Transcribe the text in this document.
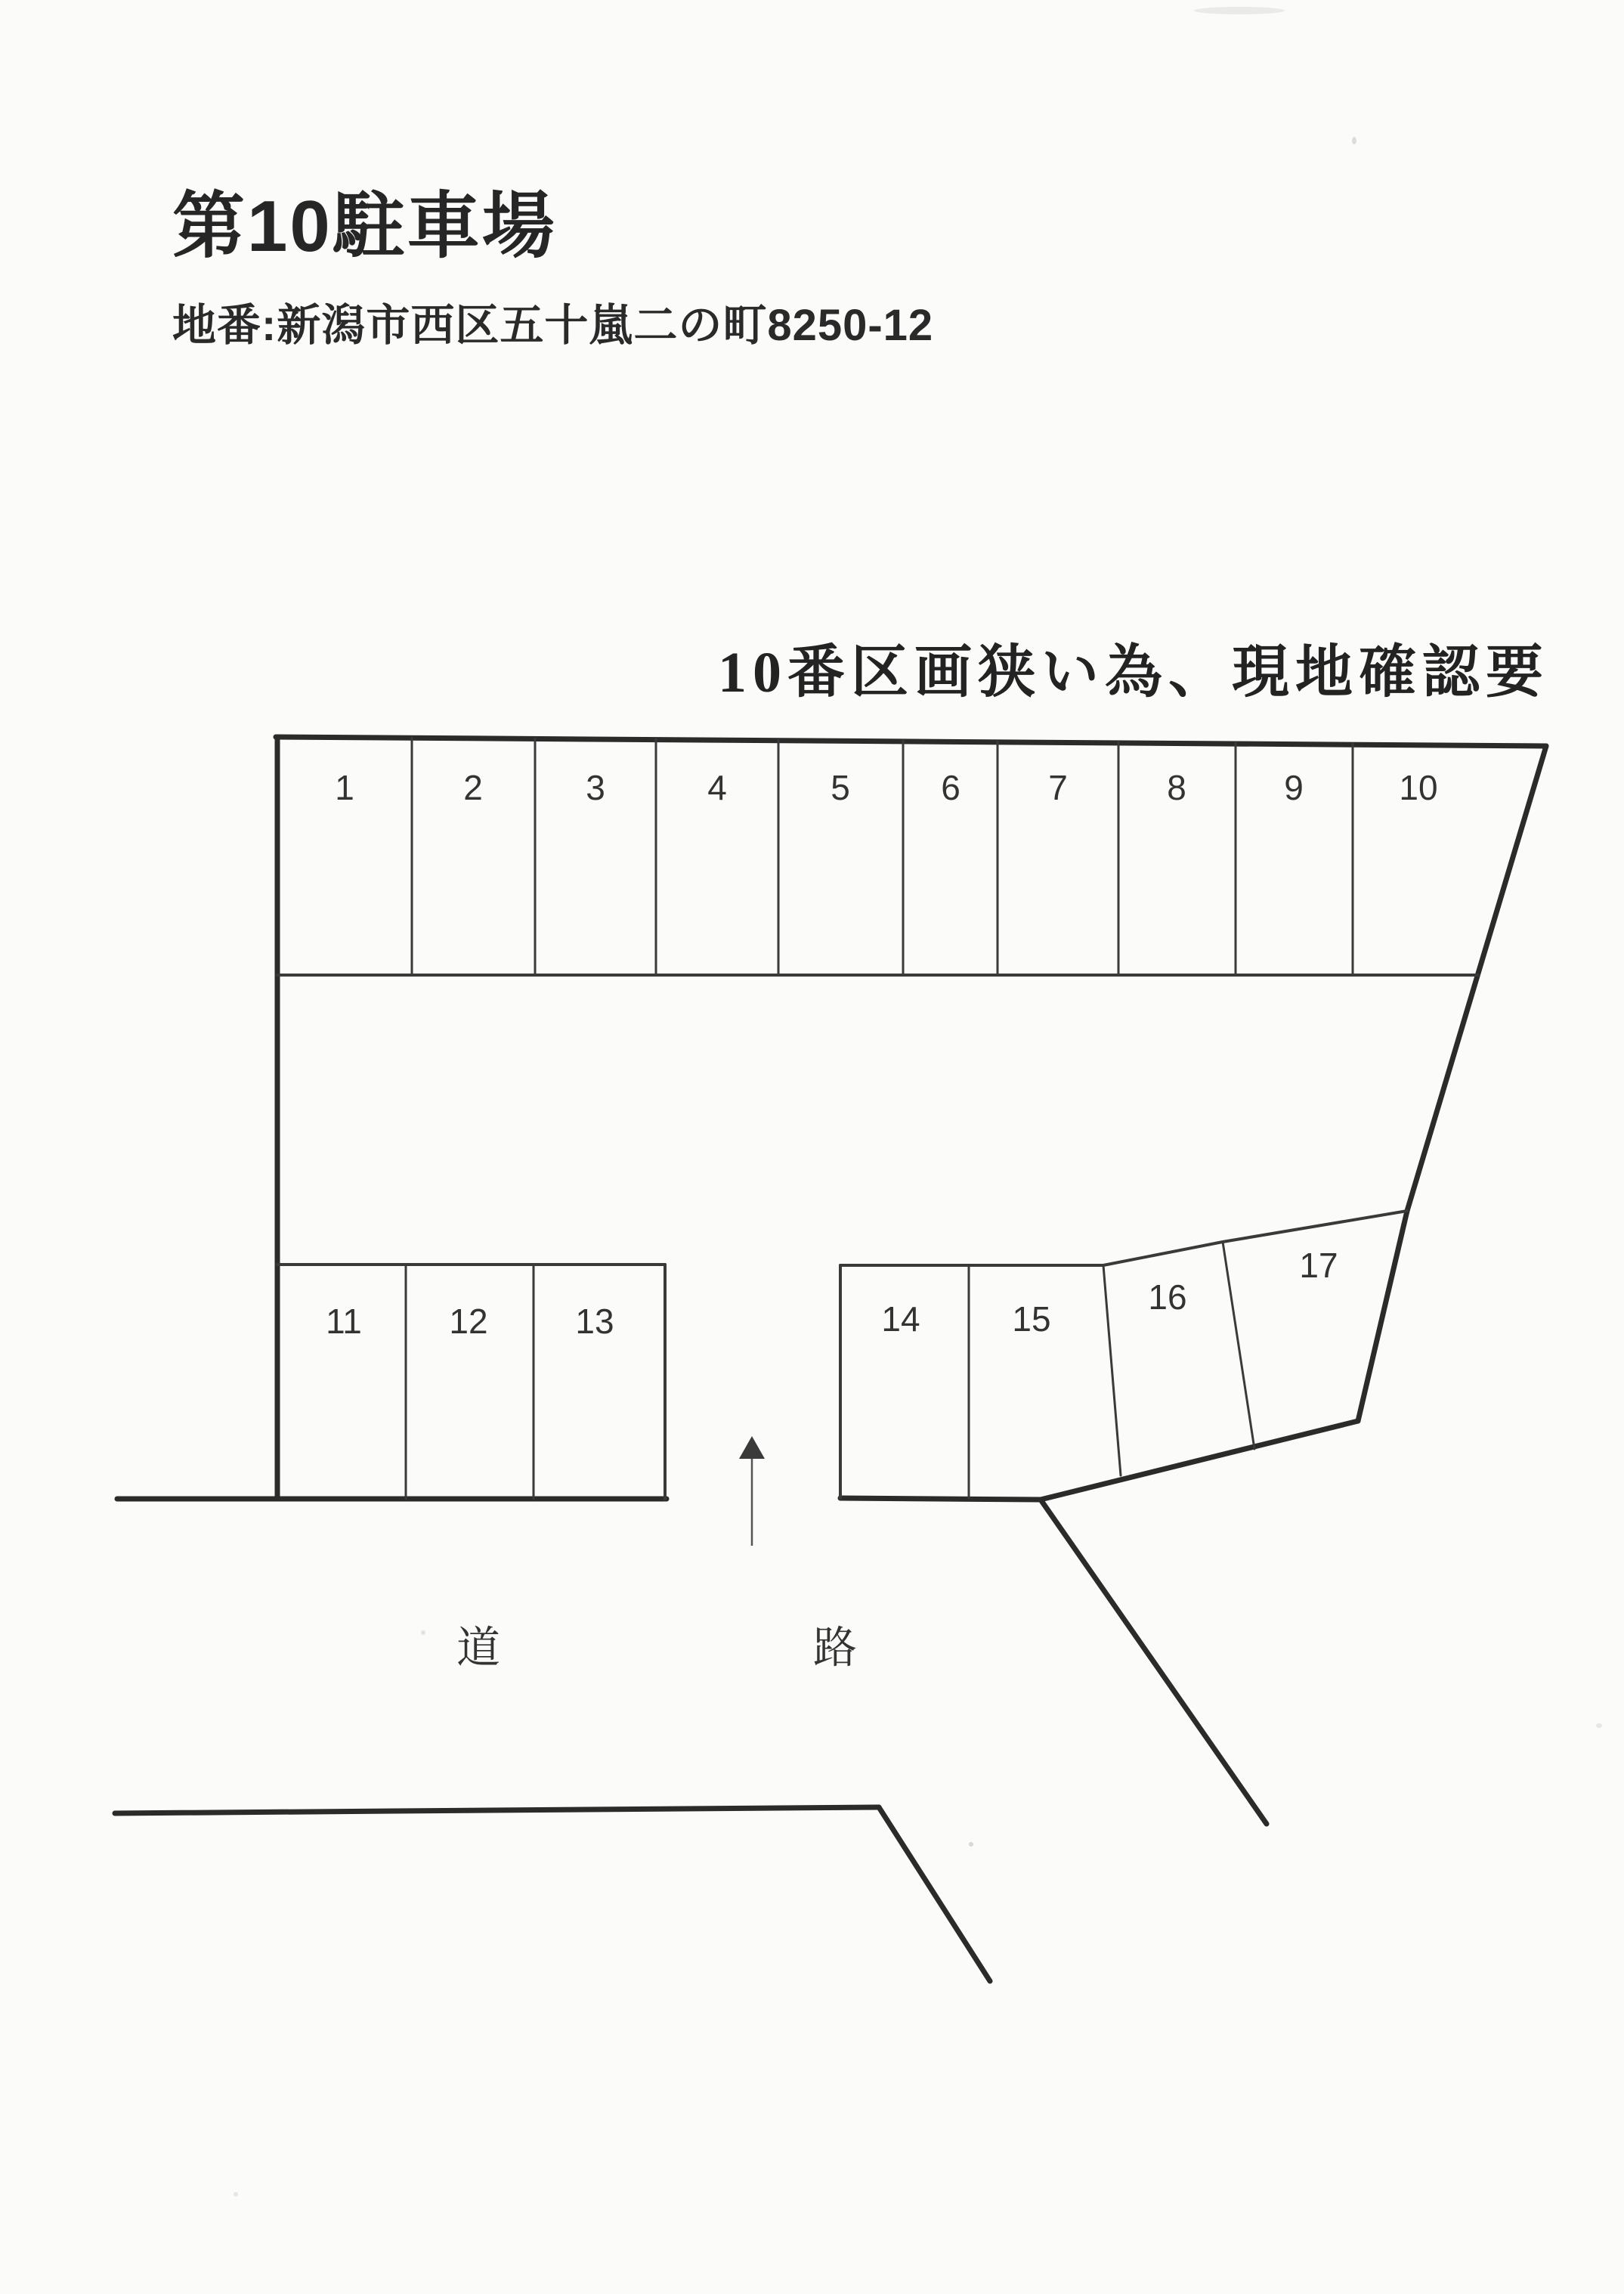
第10駐車場
地番:新潟市西区五十嵐二の町8250-12
10番区画狭い為、現地確認要
1	2	3	4	5	6	7	8	9	10
11	12	13	14	15
16
17
道	路
